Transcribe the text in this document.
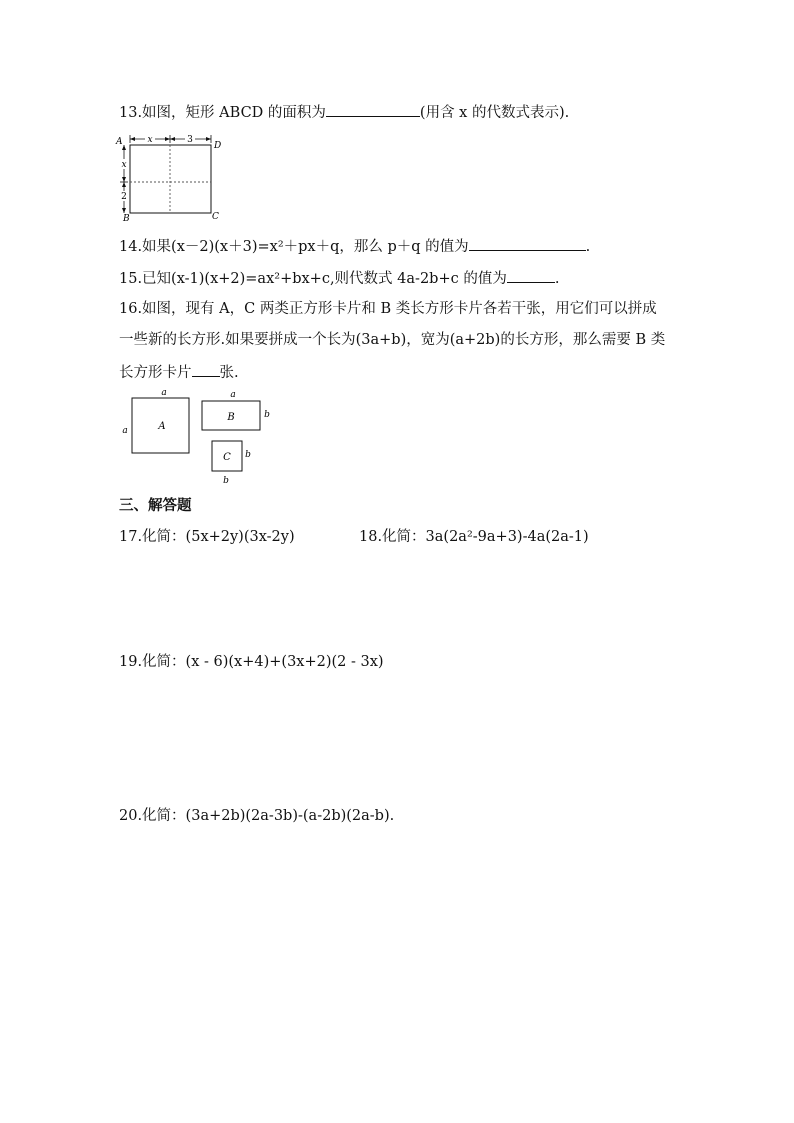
13.如图，矩形 ABCD 的面积为	(用含 x 的代数式表示).
x	3
x
2
A	D
B	C
14.如果(x－2)(x＋3)=x²＋px＋q，那么 p＋q 的值为	.
15.已知(x-1)(x+2)=ax²+bx+c,则代数式 4a-2b+c 的值为	.
16.如图，现有 A，C 两类正方形卡片和 B 类长方形卡片各若干张，用它们可以拼成
一些新的长方形.如果要拼成一个长为(3a+b)，宽为(a+2b)的长方形，那么需要 B 类
长方形卡片 张.
a
a	A
a
B	b
C b
b
三、解答题
17.化简：(5x+2y)(3x-2y)	18.化简：3a(2a²-9a+3)-4a(2a-1)
19.化简：(x - 6)(x+4)+(3x+2)(2 - 3x)
20.化简：(3a+2b)(2a-3b)-(a-2b)(2a-b).
